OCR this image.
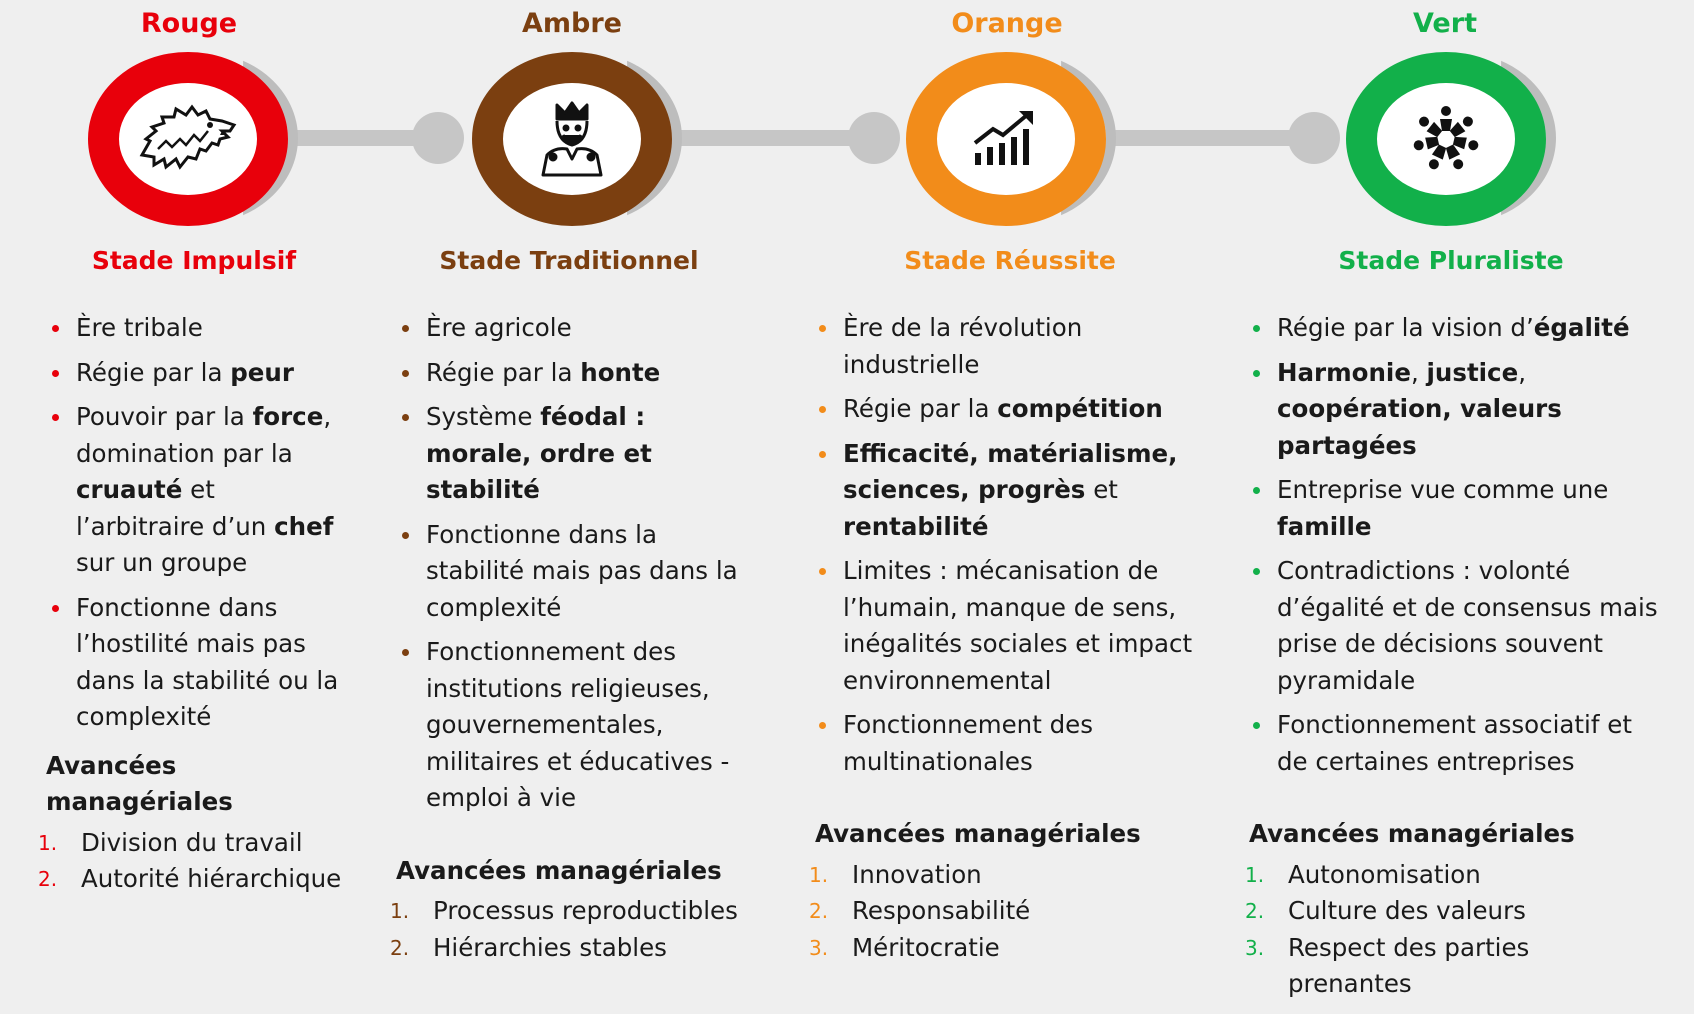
Rouge
Stade Impulsif
Ère tribale
Régie par la peur
Pouvoir par la force, domination par la cruauté et l’arbitraire d’un chef sur un groupe
Fonctionne dans l’hostilité mais pas dans la stabilité ou la complexité
Avancées managériales
1. Division du travail
2. Autorité hiérarchique
Ambre
Stade Traditionnel
Ère agricole
Régie par la honte
Système féodal : morale, ordre et stabilité
Fonctionne dans la stabilité mais pas dans la complexité
Fonctionnement des institutions religieuses, gouvernementales, militaires et éducatives - emploi à vie
Avancées managériales
1. Processus reproductibles
2. Hiérarchies stables
Orange
Stade Réussite
Ère de la révolution industrielle
Régie par la compétition
Efficacité, matérialisme, sciences, progrès et rentabilité
Limites : mécanisation de l’humain, manque de sens, inégalités sociales et impact environnemental
Fonctionnement des multinationales
Avancées managériales
1. Innovation
2. Responsabilité
3. Méritocratie
Vert
Stade Pluraliste
Régie par la vision d’égalité
Harmonie, justice, coopération, valeurs partagées
Entreprise vue comme une famille
Contradictions : volonté d’égalité et de consensus mais prise de décisions souvent pyramidale
Fonctionnement associatif et de certaines entreprises
Avancées managériales
1. Autonomisation
2. Culture des valeurs
3. Respect des parties prenantes
